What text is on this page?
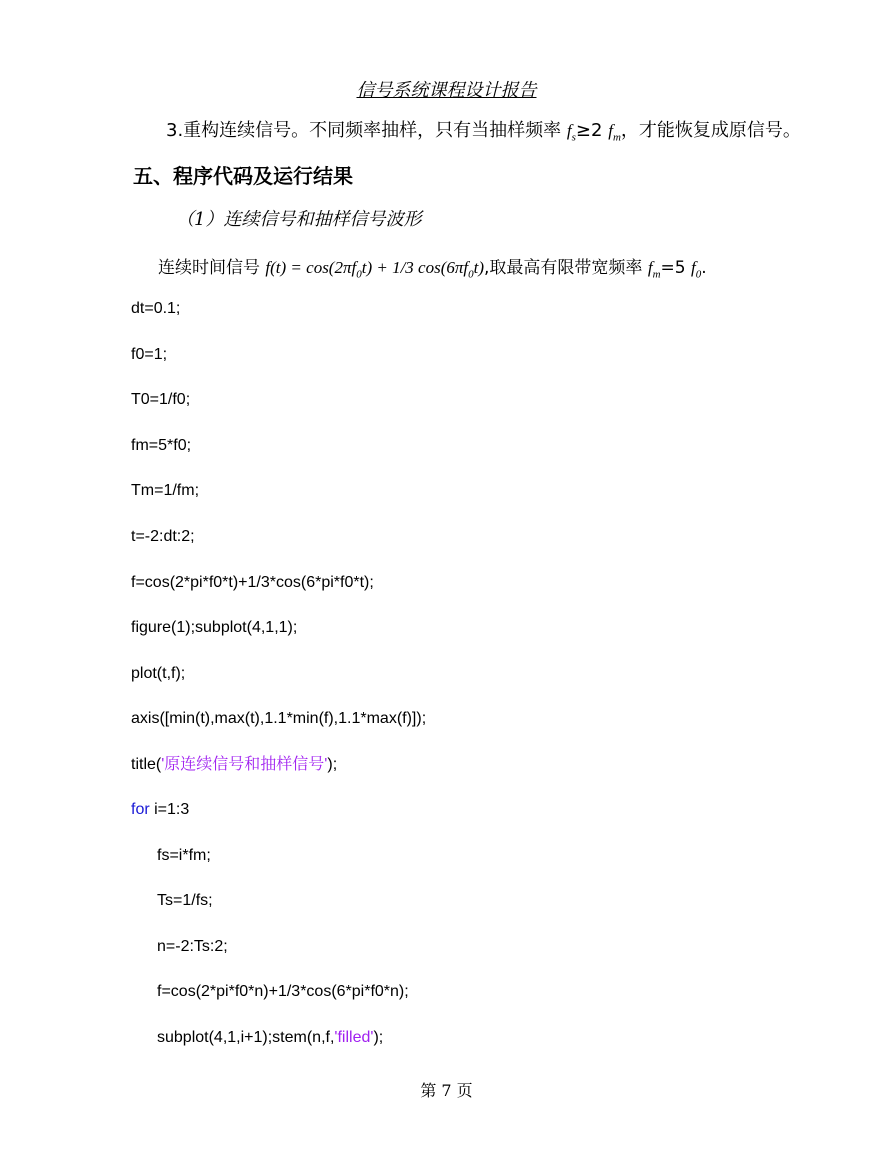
信号系统课程设计报告
3.重构连续信号。不同频率抽样，只有当抽样频率 $f_s\ge 2$ $f_m$，才能恢复成原信号。
五、程序代码及运行结果
（1）连续信号和抽样信号波形
连续时间信号 $f(t) = \cos(2\pi f_0t) + 1/3$ $\cos(6\pi f_0t)$,取最高有限带宽频率 $f_m=5$ $f_0$.
dt=0.1;
f0=1;
T0=1/f0;
fm=5*f0;
Tm=1/fm;
t=-2:dt:2;
f=cos(2*pi*f0*t)+1/3*cos(6*pi*f0*t);
figure(1);subplot(4,1,1);
plot(t,f);
axis([min(t),max(t),1.1*min(f),1.1*max(f)]);
title('原连续信号和抽样信号');
for i=1:3
fs=i*fm;
Ts=1/fs;
n=-2:Ts:2;
f=cos(2*pi*f0*n)+1/3*cos(6*pi*f0*n);
subplot(4,1,i+1);stem(n,f,'filled');
第 7 页
